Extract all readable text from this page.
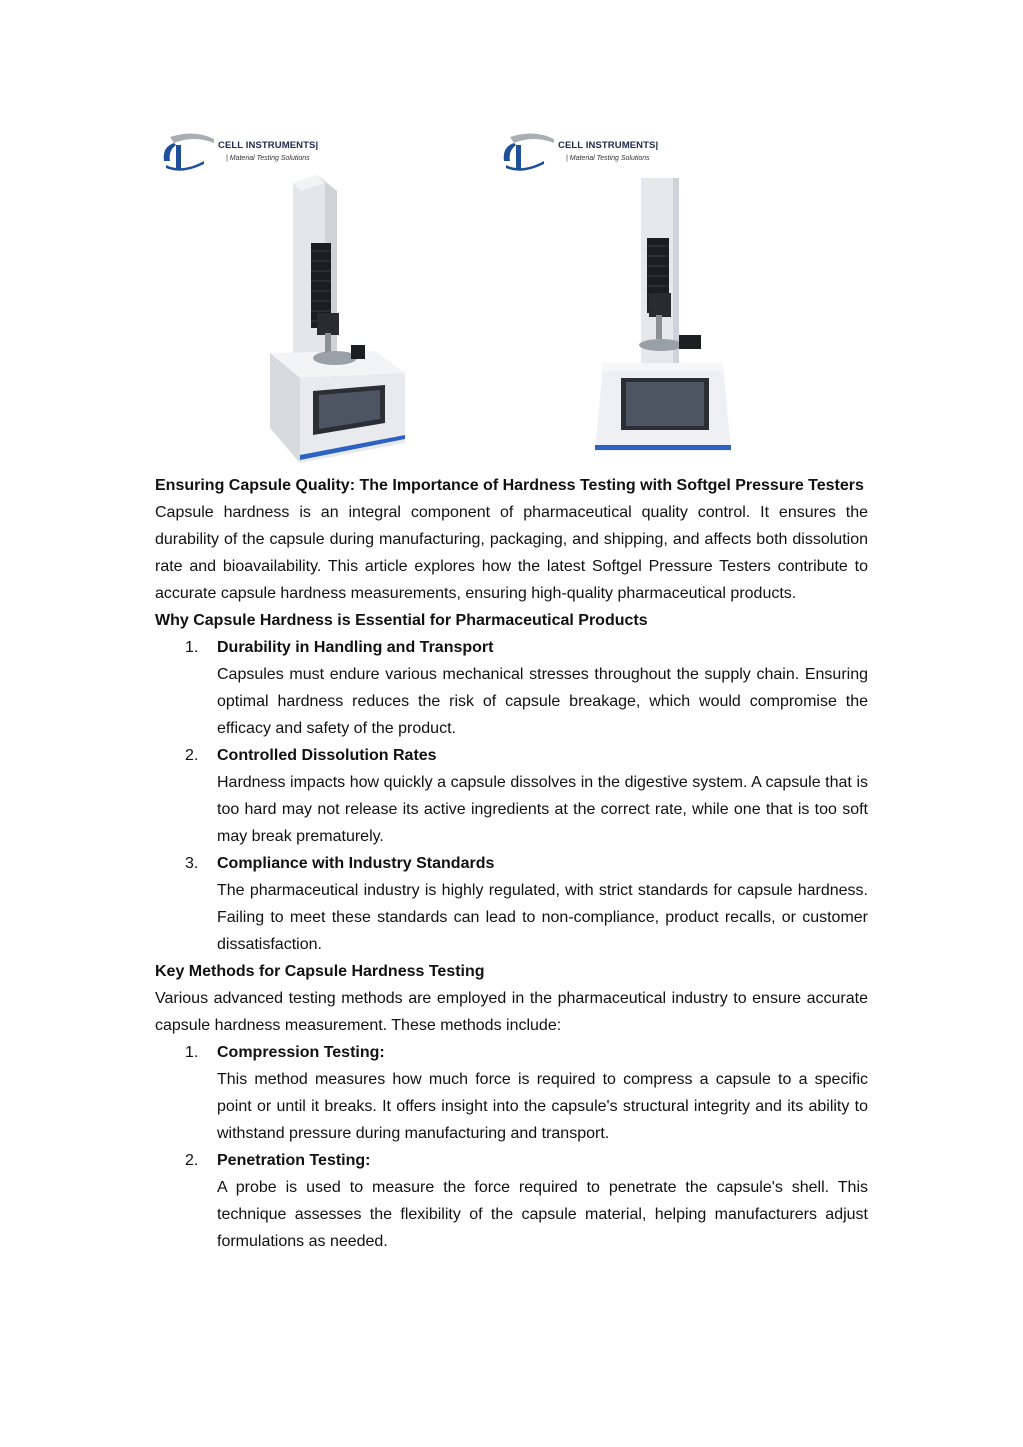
CELL INSTRUMENTS|
| Material Testing Solutions
CELL INSTRUMENTS|
| Material Testing Solutions

Ensuring Capsule Quality: The Importance of Hardness Testing with Softgel Pressure Testers

Capsule hardness is an integral component of pharmaceutical quality control. It ensures the durability of the capsule during manufacturing, packaging, and shipping, and affects both dissolution rate and bioavailability. This article explores how the latest Softgel Pressure Testers contribute to accurate capsule hardness measurements, ensuring high-quality pharmaceutical products.

Why Capsule Hardness is Essential for Pharmaceutical Products

1. Durability in Handling and Transport
Capsules must endure various mechanical stresses throughout the supply chain. Ensuring optimal hardness reduces the risk of capsule breakage, which would compromise the efficacy and safety of the product.
2. Controlled Dissolution Rates
Hardness impacts how quickly a capsule dissolves in the digestive system. A capsule that is too hard may not release its active ingredients at the correct rate, while one that is too soft may break prematurely.
3. Compliance with Industry Standards
The pharmaceutical industry is highly regulated, with strict standards for capsule hardness. Failing to meet these standards can lead to non-compliance, product recalls, or customer dissatisfaction.

Key Methods for Capsule Hardness Testing

Various advanced testing methods are employed in the pharmaceutical industry to ensure accurate capsule hardness measurement. These methods include:

1. Compression Testing:
This method measures how much force is required to compress a capsule to a specific point or until it breaks. It offers insight into the capsule's structural integrity and its ability to withstand pressure during manufacturing and transport.
2. Penetration Testing:
A probe is used to measure the force required to penetrate the capsule's shell. This technique assesses the flexibility of the capsule material, helping manufacturers adjust formulations as needed.
